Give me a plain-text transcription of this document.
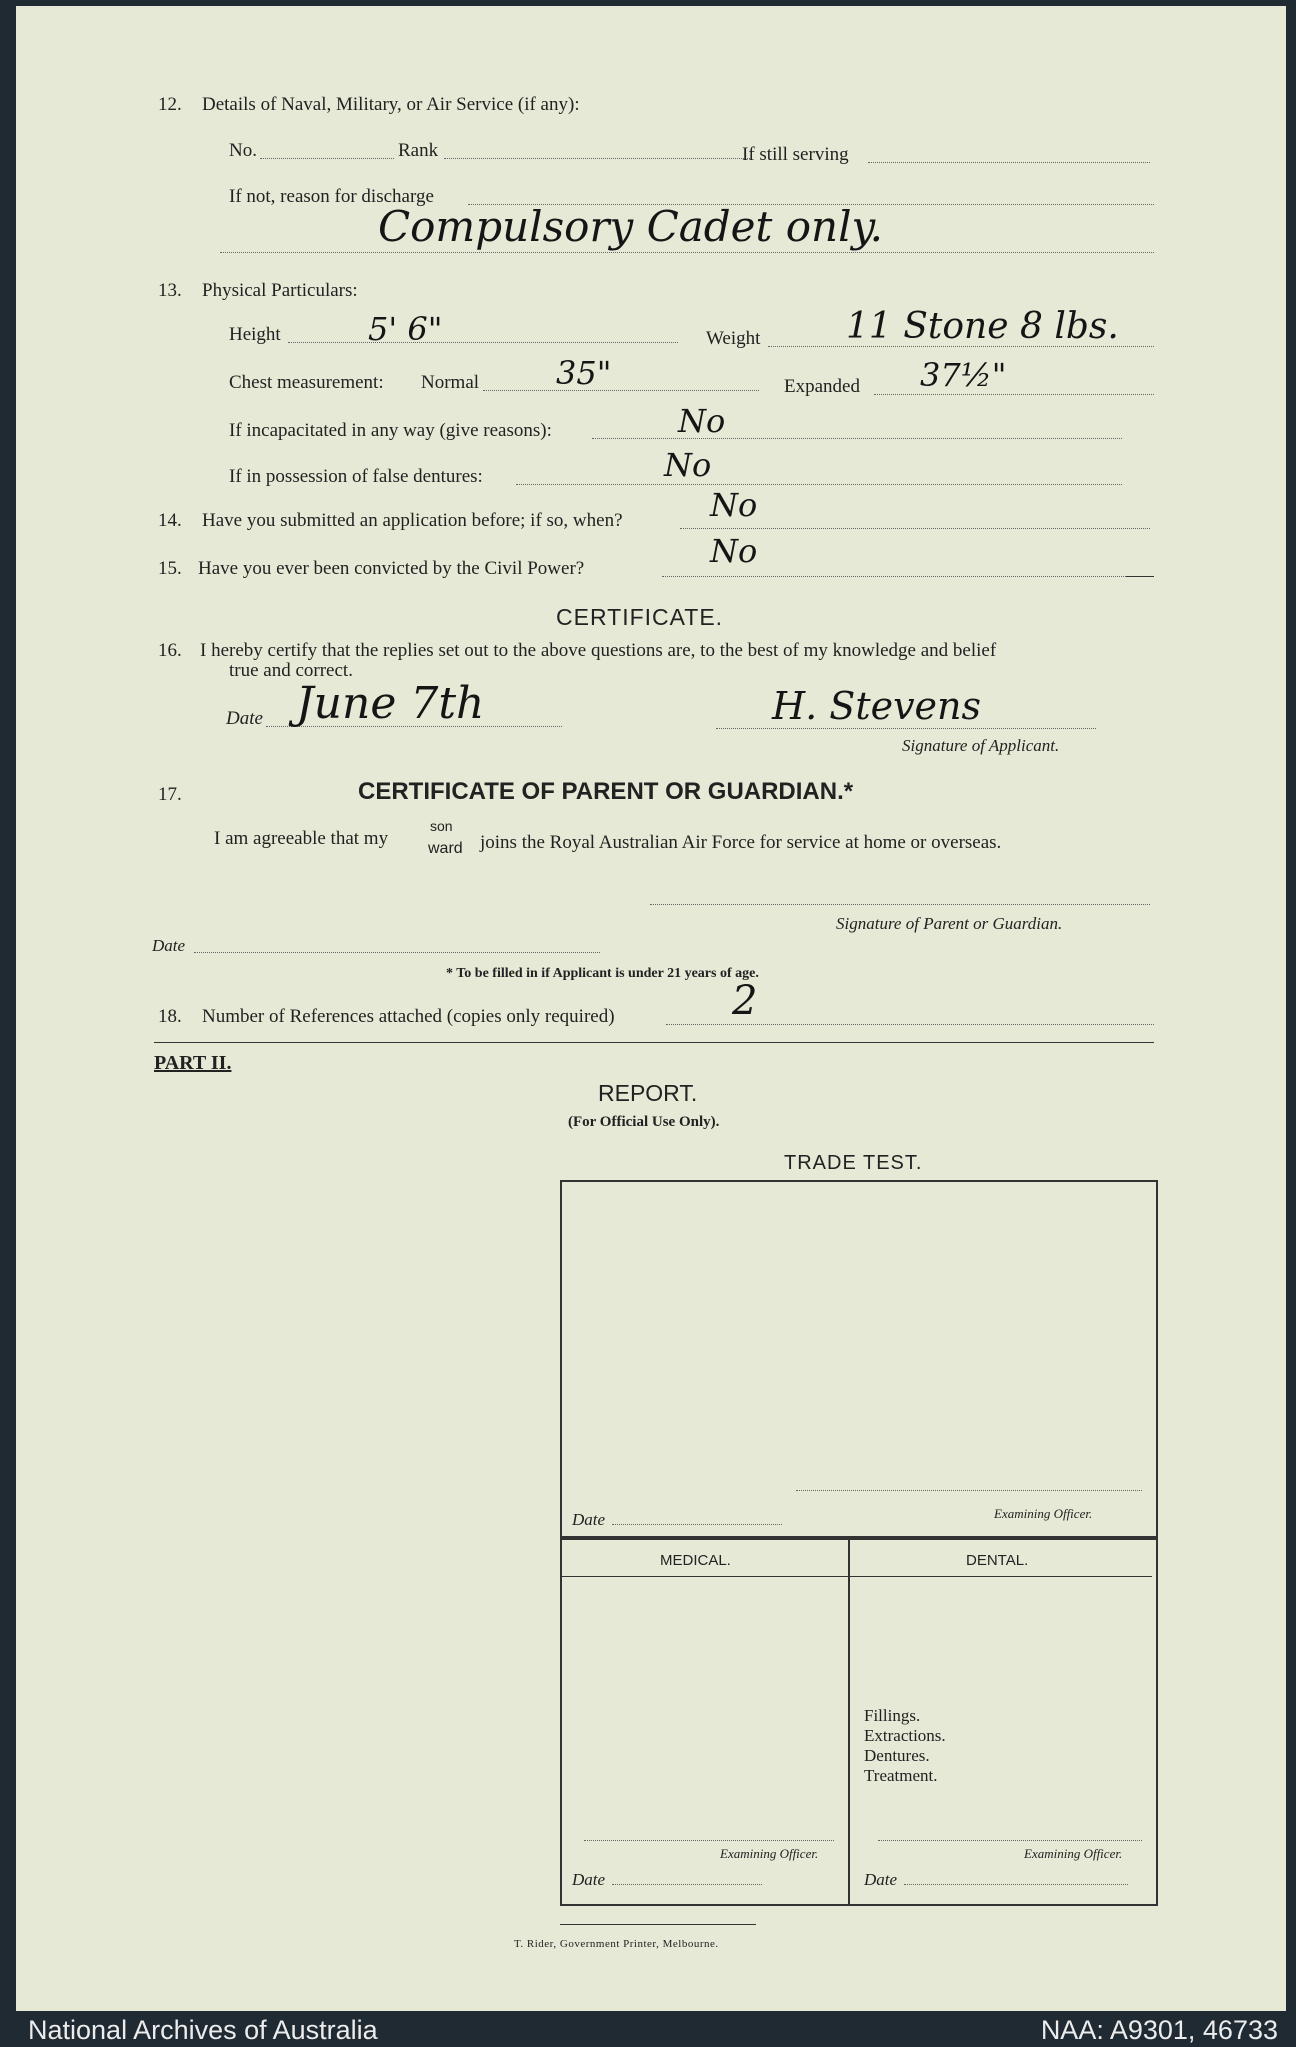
12. Details of Naval, Military, or Air Service (if any):
No.	Rank	If still serving
If not, reason for discharge
Compulsory Cadet only.
13. Physical Particulars:
Height	5' 6"	Weight 11 Stone 8 lbs.
Chest measurement: Normal 35"	Expanded 37½"
If incapacitated in any way (give reasons):	No
If in possession of false dentures:	No
14. Have you submitted an application before; if so, when?	No
15. Have you ever been convicted by the Civil Power?	No
CERTIFICATE.
16. I hereby certify that the replies set out to the above questions are, to the best of my knowledge and belief
true and correct.
Date June 7th	H. Stevens
Signature of Applicant.
17.	CERTIFICATE OF PARENT OR GUARDIAN.*
I am agreeable that my
son
ward joins the Royal Australian Air Force for service at home or overseas.
Signature of Parent or Guardian.
Date
* To be filled in if Applicant is under 21 years of age.
18. Number of References attached (copies only required)	2
PART II.
REPORT.
(For Official Use Only).
TRADE TEST.
Date	Examining Officer.
MEDICAL.	DENTAL.
Fillings.
Extractions.
Dentures.
Treatment.
Examining Officer.
Date
Examining Officer.
Date
T. Rider, Government Printer, Melbourne.
National Archives of Australia	NAA: A9301, 46733
